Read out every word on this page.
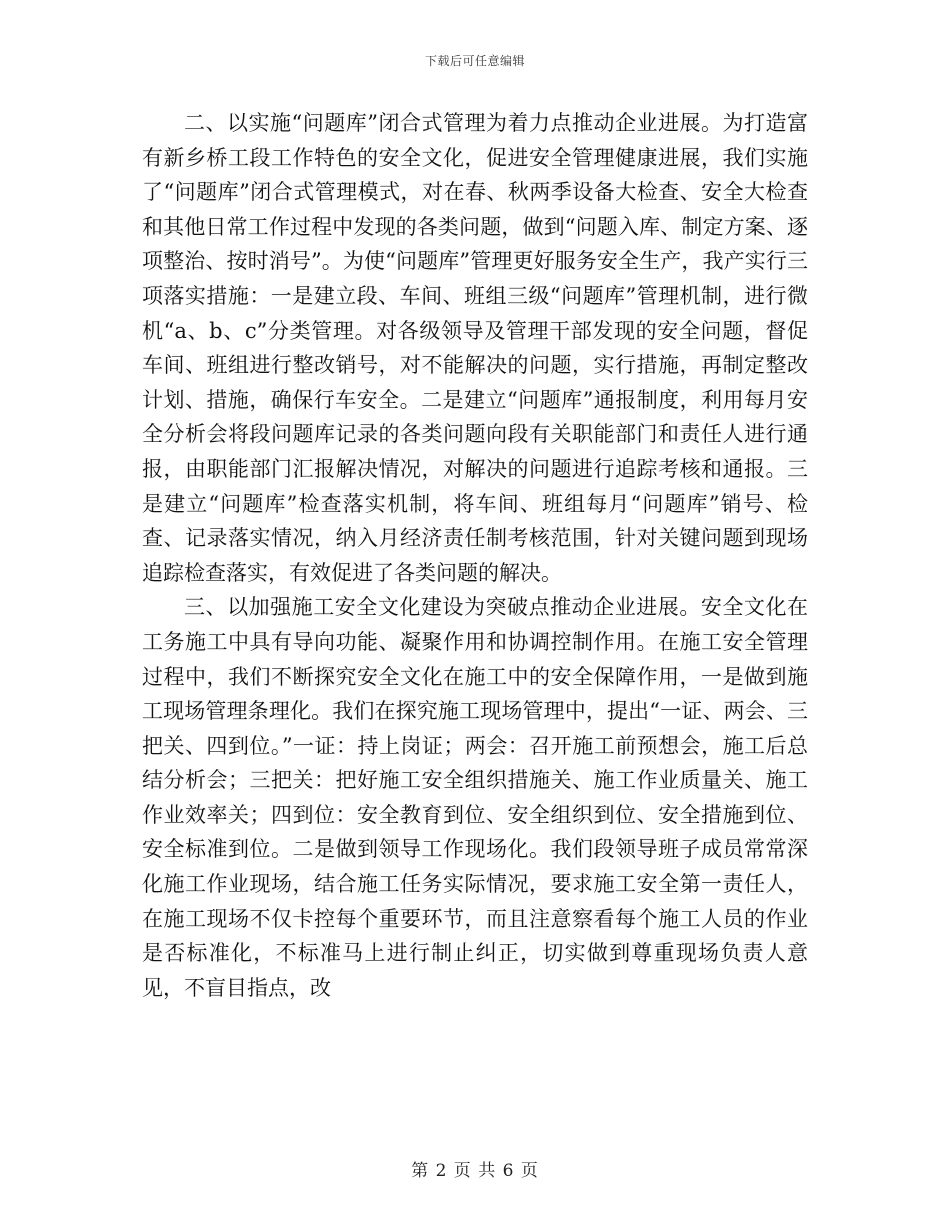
下载后可任意编辑

二、以实施“问题库”闭合式管理为着力点推动企业进展。为打造富有新乡桥工段工作特色的安全文化，促进安全管理健康进展，我们实施了“问题库”闭合式管理模式，对在春、秋两季设备大检查、安全大检查和其他日常工作过程中发现的各类问题，做到“问题入库、制定方案、逐项整治、按时消号”。为使“问题库”管理更好服务安全生产，我产实行三项落实措施：一是建立段、车间、班组三级“问题库”管理机制，进行微机“a、b、c”分类管理。对各级领导及管理干部发现的安全问题，督促车间、班组进行整改销号，对不能解决的问题，实行措施，再制定整改计划、措施，确保行车安全。二是建立“问题库”通报制度，利用每月安全分析会将段问题库记录的各类问题向段有关职能部门和责任人进行通报，由职能部门汇报解决情况，对解决的问题进行追踪考核和通报。三是建立“问题库”检查落实机制，将车间、班组每月“问题库”销号、检查、记录落实情况，纳入月经济责任制考核范围，针对关键问题到现场追踪检查落实，有效促进了各类问题的解决。

三、以加强施工安全文化建设为突破点推动企业进展。安全文化在工务施工中具有导向功能、凝聚作用和协调控制作用。在施工安全管理过程中，我们不断探究安全文化在施工中的安全保障作用，一是做到施工现场管理条理化。我们在探究施工现场管理中，提出“一证、两会、三把关、四到位。”一证：持上岗证；两会：召开施工前预想会，施工后总结分析会；三把关：把好施工安全组织措施关、施工作业质量关、施工作业效率关；四到位：安全教育到位、安全组织到位、安全措施到位、安全标准到位。二是做到领导工作现场化。我们段领导班子成员常常深化施工作业现场，结合施工任务实际情况，要求施工安全第一责任人，在施工现场不仅卡控每个重要环节，而且注意察看每个施工人员的作业是否标准化，不标准马上进行制止纠正，切实做到尊重现场负责人意见，不盲目指点，改

第 2 页 共 6 页
